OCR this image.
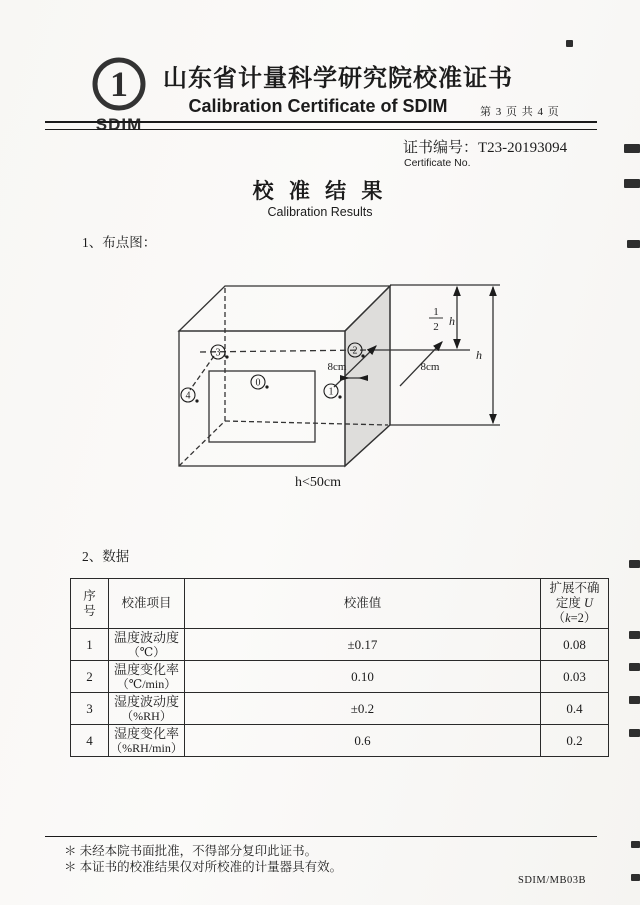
1
SDIM
山东省计量科学研究院校准证书
Calibration Certificate of SDIM	第 3 页 共 4 页
证书编号：T23-20193094
Certificate No.
校 准 结 果
Calibration Results
1、布点图：
3	2
4
0
1
1
2 h
h
8cm	8cm
h<50cm
2、数据
序号	校准项目	校准值	扩展不确
定度 U
（k=2）

1	温度波动度
（℃）	±0.17	0.08
2	温度变化率
（℃/min）	0.10	0.03
3	湿度波动度
（%RH）	±0.2	0.4
4	湿度变化率
（%RH/min）	0.6	0.2
＊ 未经本院书面批准，不得部分复印此证书。
＊ 本证书的校准结果仅对所校准的计量器具有效。
SDIM/MB03B
